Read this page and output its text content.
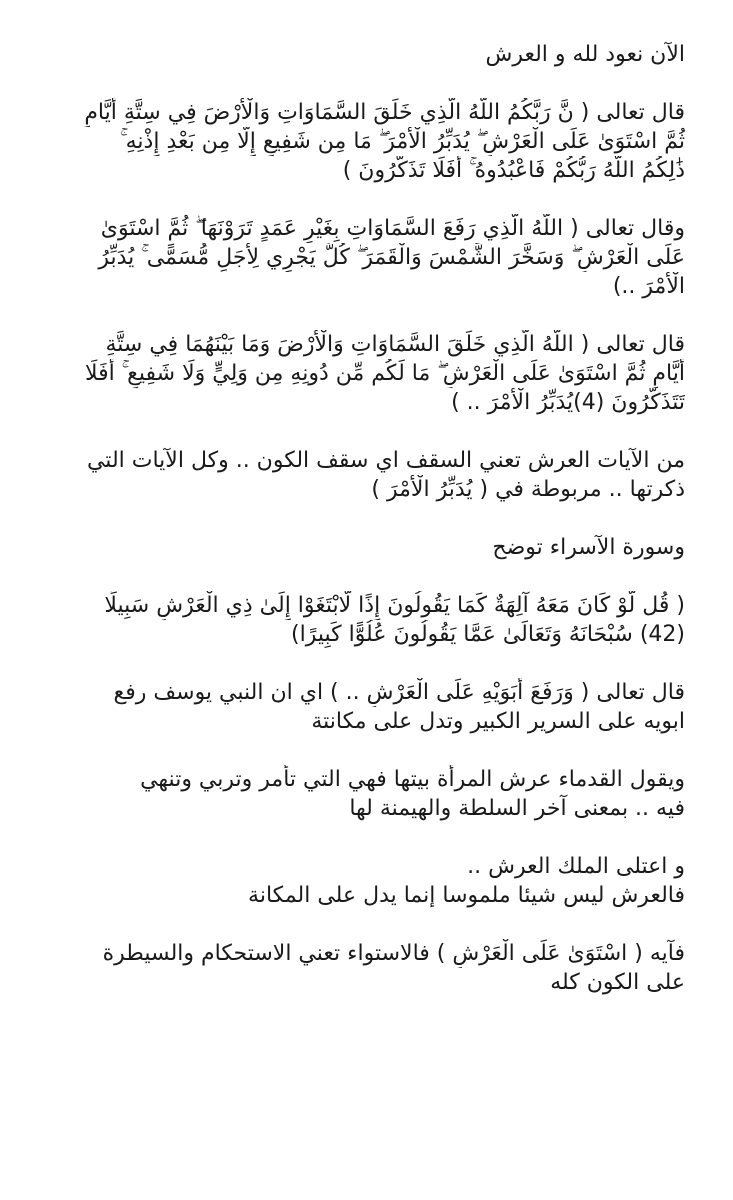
الآن نعود لله و العرش
قال تعالى ( نَّ رَبَّكُمُ اللَّهُ الَّذِي خَلَقَ السَّمَاوَاتِ وَالْأَرْضَ فِي سِتَّةِ أَيَّامٍ
ثُمَّ اسْتَوَىٰ عَلَى الْعَرْشِ ۖ يُدَبِّرُ الْأَمْرَ ۖ مَا مِن شَفِيعٍ إِلَّا مِن بَعْدِ إِذْنِهِ ۚ
ذَٰلِكُمُ اللَّهُ رَبُّكُمْ فَاعْبُدُوهُ ۚ أَفَلَا تَذَكَّرُونَ )
وقال تعالى ( اللَّهُ الَّذِي رَفَعَ السَّمَاوَاتِ بِغَيْرِ عَمَدٍ تَرَوْنَهَا ۖ ثُمَّ اسْتَوَىٰ
عَلَى الْعَرْشِ ۖ وَسَخَّرَ الشَّمْسَ وَالْقَمَرَ ۖ كُلٌّ يَجْرِي لِأَجَلٍ مُّسَمًّى ۚ يُدَبِّرُ
الْأَمْرَ ..)
قال تعالى ( اللَّهُ الَّذِي خَلَقَ السَّمَاوَاتِ وَالْأَرْضَ وَمَا بَيْنَهُمَا فِي سِتَّةِ
أَيَّامٍ ثُمَّ اسْتَوَىٰ عَلَى الْعَرْشِ ۖ مَا لَكُم مِّن دُونِهِ مِن وَلِيٍّ وَلَا شَفِيعٍ ۚ أَفَلَا
تَتَذَكَّرُونَ (4)يُدَبِّرُ الْأَمْرَ .. )
من الآيات العرش تعني السقف اي سقف الكون .. وكل الآيات التي
ذكرتها .. مربوطة في ( يُدَبِّرُ الْأَمْرَ )
وسورة الآسراء توضح
( قُل لَّوْ كَانَ مَعَهُ آلِهَةٌ كَمَا يَقُولُونَ إِذًا لَّابْتَغَوْا إِلَىٰ ذِي الْعَرْشِ سَبِيلًا
(42) سُبْحَانَهُ وَتَعَالَىٰ عَمَّا يَقُولُونَ عُلُوًّا كَبِيرًا)
قال تعالى ( وَرَفَعَ أَبَوَيْهِ عَلَى الْعَرْشِ .. ) اي ان النبي يوسف رفع
ابويه على السرير الكبير وتدل على مكانتة
ويقول القدماء عرش المرأة بيتها فهي التي تأمر وتربي وتنهي
فيه .. بمعنى آخر السلطة والهيمنة لها
و اعتلى الملك العرش ..
فالعرش ليس شيئا ملموسا إنما يدل على المكانة
فآيه ( اسْتَوَىٰ عَلَى الْعَرْشِ ) فالاستواء تعني الاستحكام والسيطرة
على الكون كله
